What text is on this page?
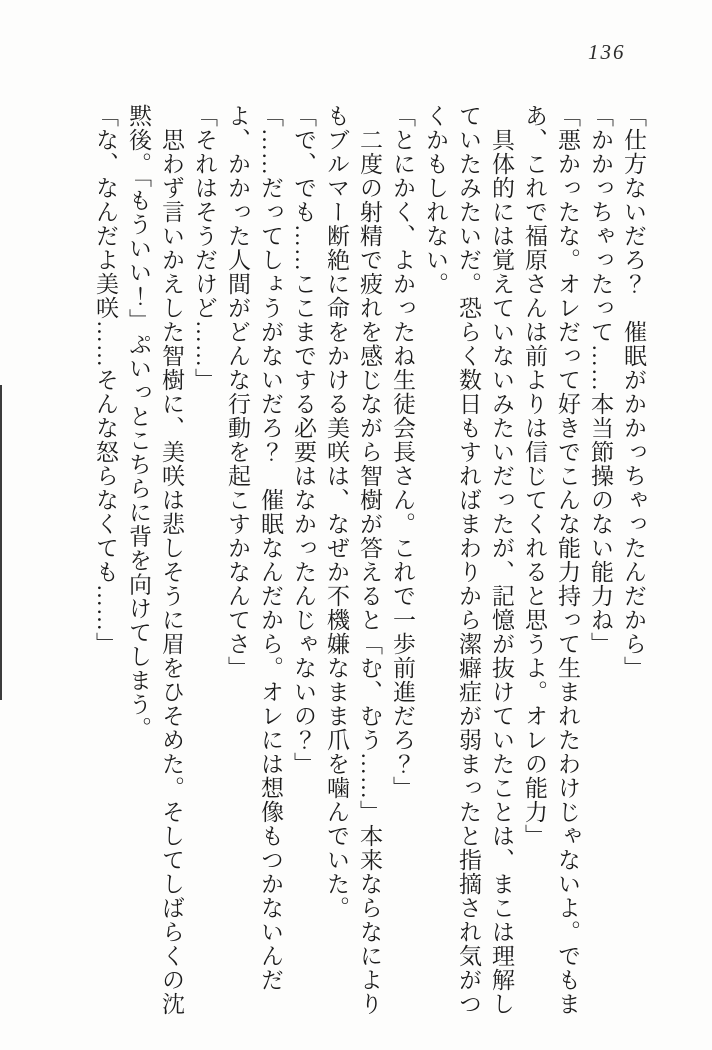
136

「仕方ないだろ？　催眠がかかっちゃったんだから」

「かかっちゃったって……本当節操のない能力ね」

「悪かったな。オレだって好きでこんな能力持って生まれたわけじゃないよ。でもまあ、これで福原さんは前よりは信じてくれると思うよ。オレの能力」

　具体的には覚えていないみたいだったが、記憶が抜けていたことは、まこは理解していたみたいだ。恐らく数日もすればまわりから潔癖症が弱まったと指摘され気がつくかもしれない。

「とにかく、よかったね生徒会長さん。これで一歩前進だろ？」

　二度の射精で疲れを感じながら智樹が答えると「む、むう……」本来ならなによりもブルマー断絶に命をかける美咲は、なぜか不機嫌なまま爪を噛んでいた。

「で、でも……ここまでする必要はなかったんじゃないの？」

「……だってしょうがないだろ？　催眠なんだから。オレには想像もつかないんだよ、かかった人間がどんな行動を起こすかなんてさ」

「それはそうだけど……」

　思わず言いかえした智樹に、美咲は悲しそうに眉をひそめた。そしてしばらくの沈黙後。「もういい！」ぷいっとこちらに背を向けてしまう。

「な、なんだよ美咲……そんな怒らなくても……」
